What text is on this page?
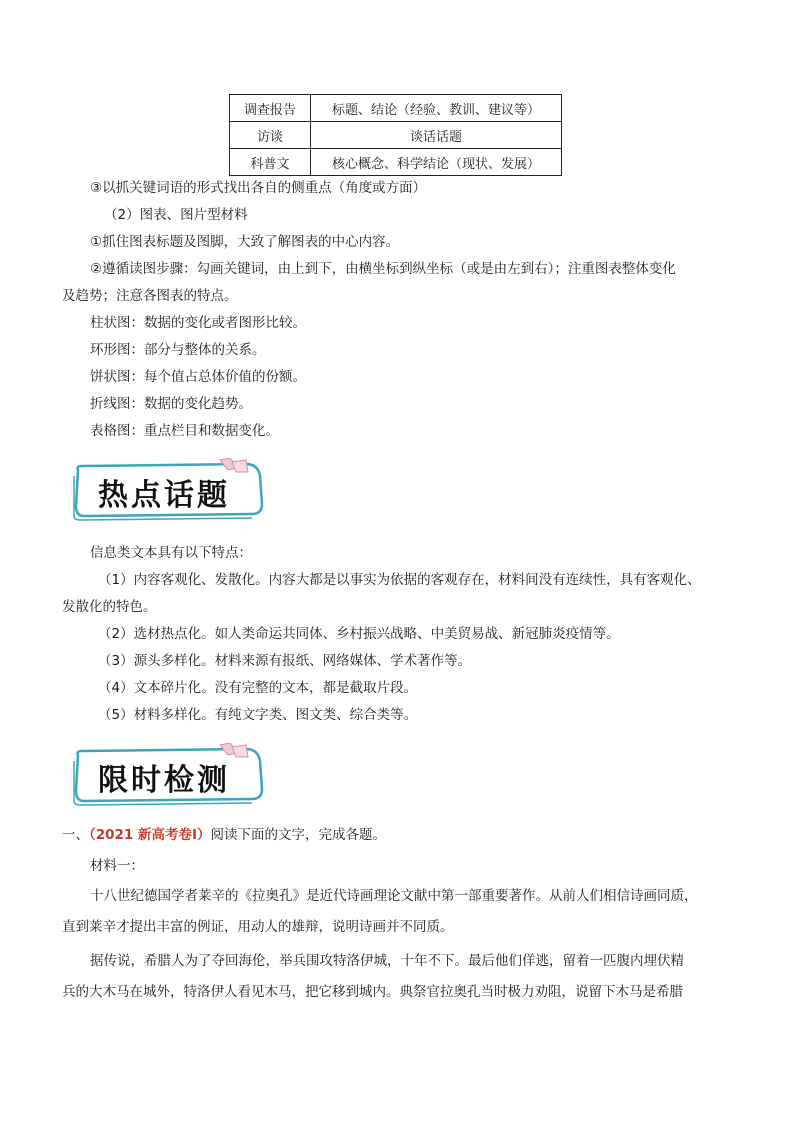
调查报告	标题、结论（经验、教训、建议等）
访谈	谈话话题
科普文	核心概念、科学结论（现状、发展）
③以抓关键词语的形式找出各自的侧重点（角度或方面）
（2）图表、图片型材料
①抓住图表标题及图脚，大致了解图表的中心内容。
②遵循读图步骤：勾画关键词，由上到下，由横坐标到纵坐标（或是由左到右）；注重图表整体变化
及趋势；注意各图表的特点。
柱状图：数据的变化或者图形比较。
环形图：部分与整体的关系。
饼状图：每个值占总体价值的份额。
折线图：数据的变化趋势。
表格图：重点栏目和数据变化。
热点话题
信息类文本具有以下特点：
（1）内容客观化、发散化。内容大都是以事实为依据的客观存在，材料间没有连续性，具有客观化、
发散化的特色。
（2）选材热点化。如人类命运共同体、乡村振兴战略、中美贸易战、新冠肺炎疫情等。
（3）源头多样化。材料来源有报纸、网络媒体、学术著作等。
（4）文本碎片化。没有完整的文本，都是截取片段。
（5）材料多样化。有纯文字类、图文类、综合类等。
限时检测
一、（2021 新高考卷Ⅰ）阅读下面的文字，完成各题。
材料一：
十八世纪德国学者莱辛的《拉奥孔》是近代诗画理论文献中第一部重要著作。从前人们相信诗画同质，
直到莱辛才提出丰富的例证，用动人的雄辩，说明诗画并不同质。
据传说，希腊人为了夺回海伦，举兵围攻特洛伊城，十年不下。最后他们佯逃，留着一匹腹内埋伏精
兵的大木马在城外，特洛伊人看见木马，把它移到城内。典祭官拉奥孔当时极力劝阻，说留下木马是希腊
